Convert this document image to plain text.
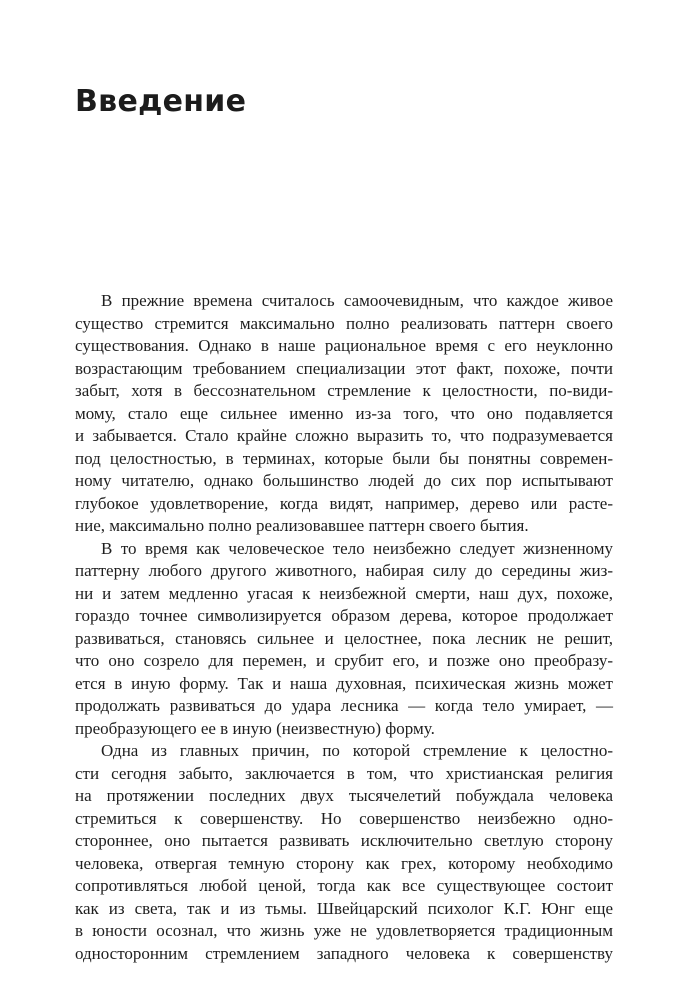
Введение

В прежние времена считалось самоочевидным, что каждое живое
существо стремится максимально полно реализовать паттерн своего
существования. Однако в наше рациональное время с его неуклонно
возрастающим требованием специализации этот факт, похоже, почти
забыт, хотя в бессознательном стремление к целостности, по-види-
мому, стало еще сильнее именно из-за того, что оно подавляется
и забывается. Стало крайне сложно выразить то, что подразумевается
под целостностью, в терминах, которые были бы понятны современ-
ному читателю, однако большинство людей до сих пор испытывают
глубокое удовлетворение, когда видят, например, дерево или расте-
ние, максимально полно реализовавшее паттерн своего бытия.

В то время как человеческое тело неизбежно следует жизненному
паттерну любого другого животного, набирая силу до середины жиз-
ни и затем медленно угасая к неизбежной смерти, наш дух, похоже,
гораздо точнее символизируется образом дерева, которое продолжает
развиваться, становясь сильнее и целостнее, пока лесник не решит,
что оно созрело для перемен, и срубит его, и позже оно преобразу-
ется в иную форму. Так и наша духовная, психическая жизнь может
продолжать развиваться до удара лесника — когда тело умирает, —
преобразующего ее в иную (неизвестную) форму.

Одна из главных причин, по которой стремление к целостно-
сти сегодня забыто, заключается в том, что христианская религия
на протяжении последних двух тысячелетий побуждала человека
стремиться к совершенству. Но совершенство неизбежно одно-
стороннее, оно пытается развивать исключительно светлую сторону
человека, отвергая темную сторону как грех, которому необходимо
сопротивляться любой ценой, тогда как все существующее состоит
как из света, так и из тьмы. Швейцарский психолог К.Г. Юнг еще
в юности осознал, что жизнь уже не удовлетворяется традиционным
односторонним стремлением западного человека к совершенству
